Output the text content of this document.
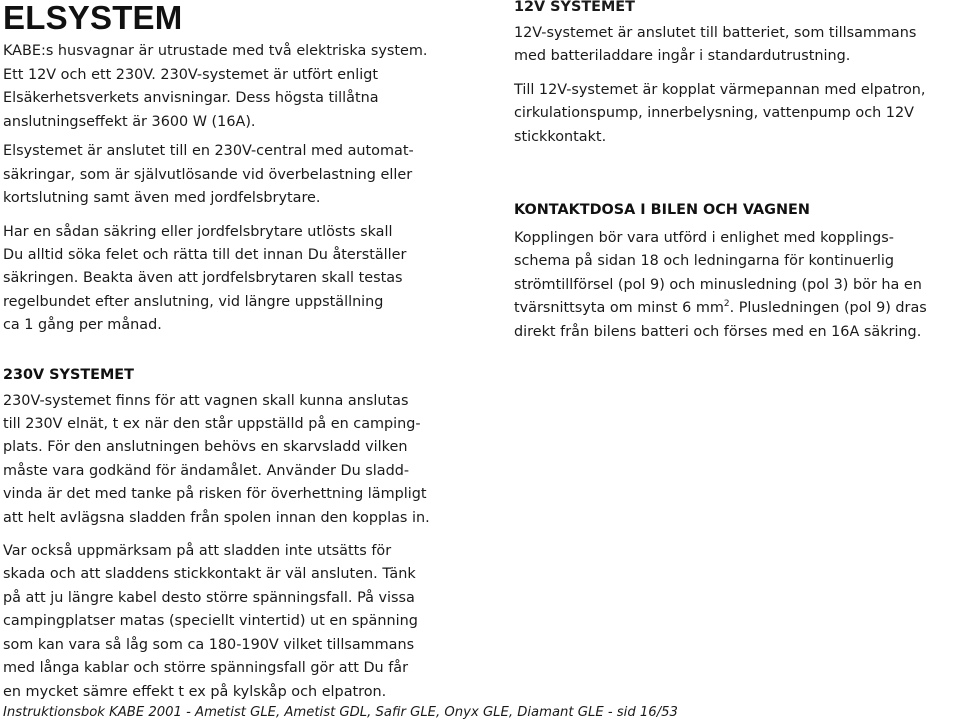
ELSYSTEM

KABE:s husvagnar är utrustade med två elektriska system.
Ett 12V och ett 230V. 230V-systemet är utfört enligt
Elsäkerhetsverkets anvisningar. Dess högsta tillåtna
anslutningseffekt är 3600 W (16A).

Elsystemet är anslutet till en 230V-central med automat-
säkringar, som är självutlösande vid överbelastning eller
kortslutning samt även med jordfelsbrytare.

Har en sådan säkring eller jordfelsbrytare utlösts skall
Du alltid söka felet och rätta till det innan Du återställer
säkringen. Beakta även att jordfelsbrytaren skall testas
regelbundet efter anslutning, vid längre uppställning
ca 1 gång per månad.

230V SYSTEMET

230V-systemet finns för att vagnen skall kunna anslutas
till 230V elnät, t ex när den står uppställd på en camping-
plats. För den anslutningen behövs en skarvsladd vilken
måste vara godkänd för ändamålet. Använder Du sladd-
vinda är det med tanke på risken för överhettning lämpligt
att helt avlägsna sladden från spolen innan den kopplas in.

Var också uppmärksam på att sladden inte utsätts för
skada och att sladdens stickkontakt är väl ansluten. Tänk
på att ju längre kabel desto större spänningsfall. På vissa
campingplatser matas (speciellt vintertid) ut en spänning
som kan vara så låg som ca 180-190V vilket tillsammans
med långa kablar och större spänningsfall gör att Du får
en mycket sämre effekt t ex på kylskåp och elpatron.

12V SYSTEMET

12V-systemet är anslutet till batteriet, som tillsammans
med batteriladdare ingår i standardutrustning.

Till 12V-systemet är kopplat värmepannan med elpatron,
cirkulationspump, innerbelysning, vattenpump och 12V
stickkontakt.

KONTAKTDOSA I BILEN OCH VAGNEN

Kopplingen bör vara utförd i enlighet med kopplings-
schema på sidan 18 och ledningarna för kontinuerlig
strömtillförsel (pol 9) och minusledning (pol 3) bör ha en
tvärsnittsyta om minst 6 $mm^2$. Plusledningen (pol 9) dras
direkt från bilens batteri och förses med en 16A säkring.

Instruktionsbok KABE 2001 - Ametist GLE, Ametist GDL, Safir GLE, Onyx GLE, Diamant GLE - sid 16/53
